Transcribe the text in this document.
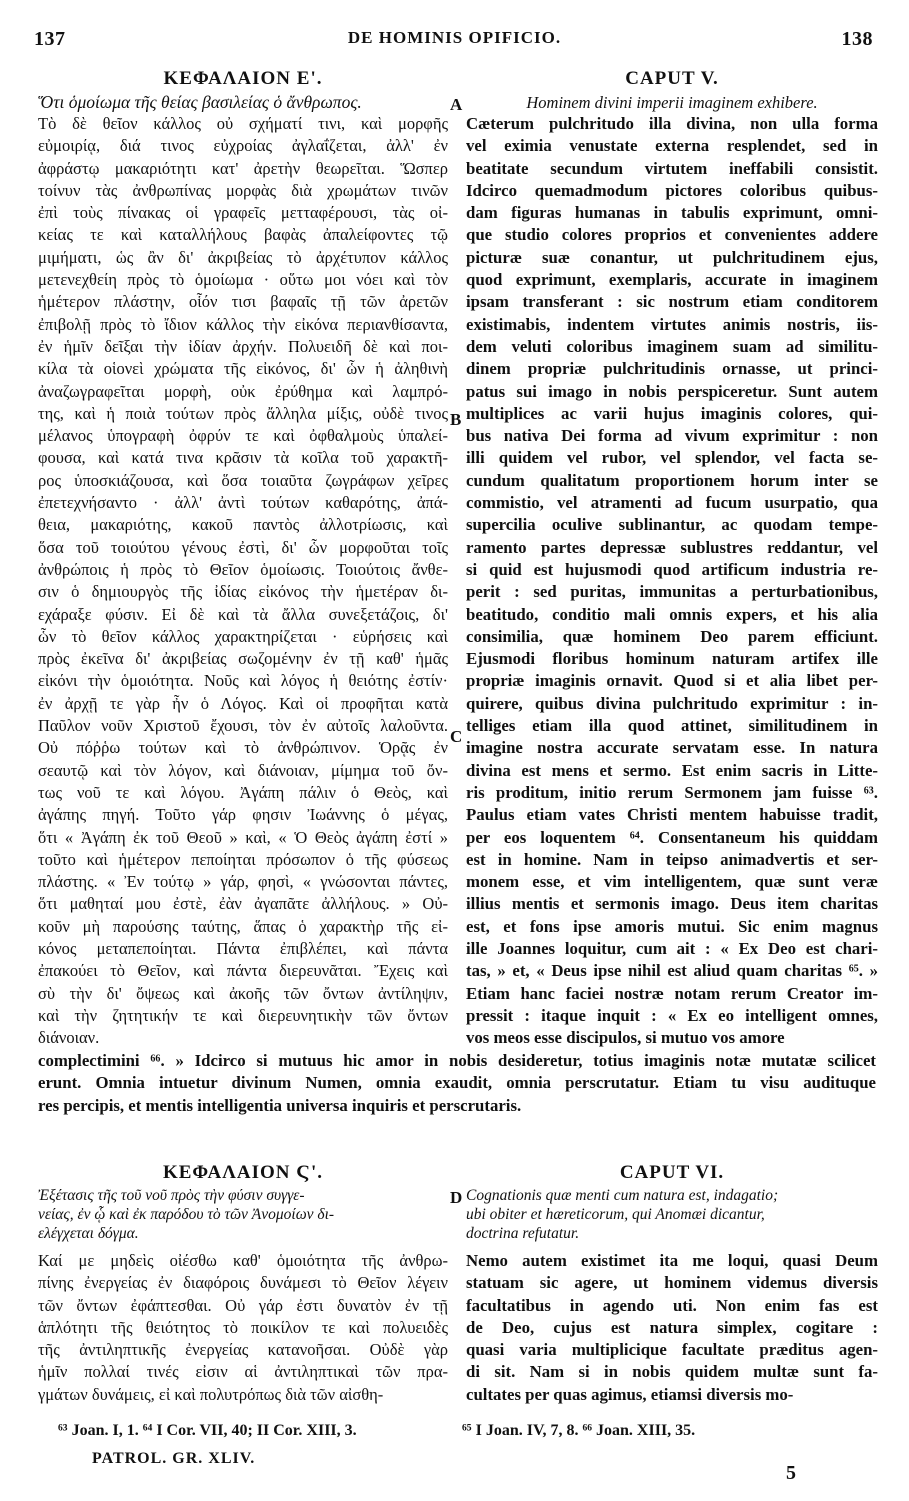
137	DE HOMINIS OPIFICIO.	138

ΚΕΦΑΛΑΙΟΝ Ε'.

Ὅτι ὁμοίωμα τῆς θείας βασιλείας ὁ ἄνθρωπος.

CAPUT V.

Hominem divini imperii imaginem exhibere.

A
B
C
D
Τὸ δὲ θεῖον κάλλος οὐ σχήματί τινι, καὶ μορφῆς
εὐμοιρίᾳ, διά τινος εὐχροίας ἀγλαΐζεται, ἀλλ' ἐν
ἀφράστῳ μακαριότητι κατ' ἀρετὴν θεωρεῖται. Ὥσπερ
τοίνυν τὰς ἀνθρωπίνας μορφὰς διὰ χρωμάτων τινῶν
ἐπὶ τοὺς πίνακας οἱ γραφεῖς μετταφέρουσι, τὰς οἰ-
κείας τε καὶ καταλλήλους βαφὰς ἀπαλείφοντες τῷ
μιμήματι, ὡς ἂν δι' ἀκριβείας τὸ ἀρχέτυπον κάλλος
μετενεχθείη πρὸς τὸ ὁμοίωμα · οὕτω μοι νόει καὶ τὸν
ἡμέτερον πλάστην, οἷόν τισι βαφαῖς τῇ τῶν ἀρετῶν
ἐπιβολῇ πρὸς τὸ ἴδιον κάλλος τὴν εἰκόνα περιανθίσαντα,
ἐν ἡμῖν δεῖξαι τὴν ἰδίαν ἀρχήν. Πολυειδῆ δὲ καὶ ποι-
κίλα τὰ οἱονεὶ χρώματα τῆς εἰκόνος, δι' ὧν ἡ ἀληθινὴ
ἀναζωγραφεῖται μορφὴ, οὐκ ἐρύθημα καὶ λαμπρό-
της, καὶ ἡ ποιὰ τούτων πρὸς ἄλληλα μίξις, οὐδὲ τινος
μέλανος ὑπογραφὴ ὀφρύν τε καὶ ὀφθαλμοὺς ὑπαλεί-
φουσα, καὶ κατά τινα κρᾶσιν τὰ κοῖλα τοῦ χαρακτῆ-
ρος ὑποσκιάζουσα, καὶ ὅσα τοιαῦτα ζωγράφων χεῖρες
ἐπετεχνήσαντο · ἀλλ' ἀντὶ τούτων καθαρότης, ἀπά-
θεια, μακαριότης, κακοῦ παντὸς ἀλλοτρίωσις, καὶ
ὅσα τοῦ τοιούτου γένους ἐστὶ, δι' ὧν μορφοῦται τοῖς
ἀνθρώποις ἡ πρὸς τὸ Θεῖον ὁμοίωσις. Τοιούτοις ἄνθε-
σιν ὁ δημιουργὸς τῆς ἰδίας εἰκόνος τὴν ἡμετέραν δι-
εχάραξε φύσιν. Εἰ δὲ καὶ τὰ ἄλλα συνεξετάζοις, δι'
ὧν τὸ θεῖον κάλλος χαρακτηρίζεται · εὑρήσεις καὶ
πρὸς ἐκεῖνα δι' ἀκριβείας σωζομένην ἐν τῇ καθ' ἡμᾶς
εἰκόνι τὴν ὁμοιότητα. Νοῦς καὶ λόγος ἡ θειότης ἐστίν·
ἐν ἀρχῇ τε γὰρ ἦν ὁ Λόγος. Καὶ οἱ προφῆται κατὰ
Παῦλον νοῦν Χριστοῦ ἔχουσι, τὸν ἐν αὐτοῖς λαλοῦντα.
Οὐ πόῤῥω τούτων καὶ τὸ ἀνθρώπινον. Ὁρᾷς ἐν
σεαυτῷ καὶ τὸν λόγον, καὶ διάνοιαν, μίμημα τοῦ ὄν-
τως νοῦ τε καὶ λόγου. Ἀγάπη πάλιν ὁ Θεὸς, καὶ
ἀγάπης πηγή. Τοῦτο γάρ φησιν Ἰωάννης ὁ μέγας,
ὅτι « Ἀγάπη ἐκ τοῦ Θεοῦ » καὶ, « Ὁ Θεὸς ἀγάπη ἐστί »
τοῦτο καὶ ἡμέτερον πεποίηται πρόσωπον ὁ τῆς φύσεως
πλάστης. « Ἐν τούτῳ » γάρ, φησὶ, « γνώσονται πάντες,
ὅτι μαθηταί μου ἐστὲ, ἐὰν ἀγαπᾶτε ἀλλήλους. » Οὐ-
κοῦν μὴ παρούσης ταύτης, ἅπας ὁ χαρακτὴρ τῆς εἰ-
κόνος μεταπεποίηται. Πάντα ἐπιβλέπει, καὶ πάντα
ἐπακούει τὸ Θεῖον, καὶ πάντα διερευνᾶται. Ἔχεις καὶ
σὺ τὴν δι' ὄψεως καὶ ἀκοῆς τῶν ὄντων ἀντίληψιν,
καὶ τὴν ζητητικήν τε καὶ διερευνητικὴν τῶν ὄντων
διάνοιαν.
Cæterum pulchritudo illa divina, non ulla forma
vel eximia venustate externa resplendet, sed in
beatitate secundum virtutem ineffabili consistit.
Idcirco quemadmodum pictores coloribus quibus-
dam figuras humanas in tabulis exprimunt, omni-
que studio colores proprios et convenientes addere
picturæ suæ conantur, ut pulchritudinem ejus,
quod exprimunt, exemplaris, accurate in imaginem
ipsam transferant : sic nostrum etiam conditorem
existimabis, indentem virtutes animis nostris, iis-
dem veluti coloribus imaginem suam ad similitu-
dinem propriæ pulchritudinis ornasse, ut princi-
patus sui imago in nobis perspiceretur. Sunt autem
multiplices ac varii hujus imaginis colores, qui-
bus nativa Dei forma ad vivum exprimitur : non
illi quidem vel rubor, vel splendor, vel facta se-
cundum qualitatum proportionem horum inter se
commistio, vel atramenti ad fucum usurpatio, qua
supercilia oculive sublinantur, ac quodam tempe-
ramento partes depressæ sublustres reddantur, vel
si quid est hujusmodi quod artificum industria re-
perit : sed puritas, immunitas a perturbationibus,
beatitudo, conditio mali omnis expers, et his alia
consimilia, quæ hominem Deo parem efficiunt.
Ejusmodi floribus hominum naturam artifex ille
propriæ imaginis ornavit. Quod si et alia libet per-
quirere, quibus divina pulchritudo exprimitur : in-
telliges etiam illa quod attinet, similitudinem in
imagine nostra accurate servatam esse. In natura
divina est mens et sermo. Est enim sacris in Litte-
ris proditum, initio rerum Sermonem jam fuisse ⁶³.
Paulus etiam vates Christi mentem habuisse tradit,
per eos loquentem ⁶⁴. Consentaneum his quiddam
est in homine. Nam in teipso animadvertis et ser-
monem esse, et vim intelligentem, quæ sunt veræ
illius mentis et sermonis imago. Deus item charitas
est, et fons ipse amoris mutui. Sic enim magnus
ille Joannes loquitur, cum ait : « Ex Deo est chari-
tas, » et, « Deus ipse nihil est aliud quam charitas ⁶⁵. »
Etiam hanc faciei nostræ notam rerum Creator im-
pressit : itaque inquit : « Ex eo intelligent omnes,
vos meos esse discipulos, si mutuo vos amore
complectimini ⁶⁶. » Idcirco si mutuus hic amor in nobis desideretur, totius imaginis notæ mutatæ scilicet
erunt. Omnia intuetur divinum Numen, omnia exaudit, omnia perscrutatur. Etiam tu visu audituque
res percipis, et mentis intelligentia universa inquiris et perscrutaris.

ΚΕΦΑΛΑΙΟΝ Ϛ'.

Ἐξέτασις τῆς τοῦ νοῦ πρὸς τὴν φύσιν συγγε-

νείας, ἐν ᾧ καὶ ἐκ παρόδου τὸ τῶν Ἀνομοίων δι-

ελέγχεται δόγμα.

CAPUT VI.

Cognationis quæ menti cum natura est, indagatio;

ubi obiter et hæreticorum, qui Anomæi dicantur,

doctrina refutatur.

Καί με μηδεὶς οἰέσθω καθ' ὁμοιότητα τῆς ἀνθρω-
πίνης ἐνεργείας ἐν διαφόροις δυνάμεσι τὸ Θεῖον λέγειν
τῶν ὄντων ἐφάπτεσθαι. Οὐ γάρ ἐστι δυνατὸν ἐν τῇ
ἁπλότητι τῆς θειότητος τὸ ποικίλον τε καὶ πολυειδὲς
τῆς ἀντιληπτικῆς ἐνεργείας κατανοῆσαι. Οὐδὲ γὰρ
ἡμῖν πολλαί τινές εἰσιν αἱ ἀντιληπτικαὶ τῶν πρα-
γμάτων δυνάμεις, εἰ καὶ πολυτρόπως διὰ τῶν αἰσθη-
Nemo autem existimet ita me loqui, quasi Deum
statuam sic agere, ut hominem videmus diversis
facultatibus in agendo uti. Non enim fas est
de Deo, cujus est natura simplex, cogitare :
quasi varia multiplicique facultate præditus agen-
di sit. Nam si in nobis quidem multæ sunt fa-
cultates per quas agimus, etiamsi diversis mo-
⁶³ Joan. I, 1. ⁶⁴ I Cor. VII, 40; II Cor. XIII, 3.	⁶⁵ I Joan. IV, 7, 8. ⁶⁶ Joan. XIII, 35.
PATROL. GR. XLIV.
5
